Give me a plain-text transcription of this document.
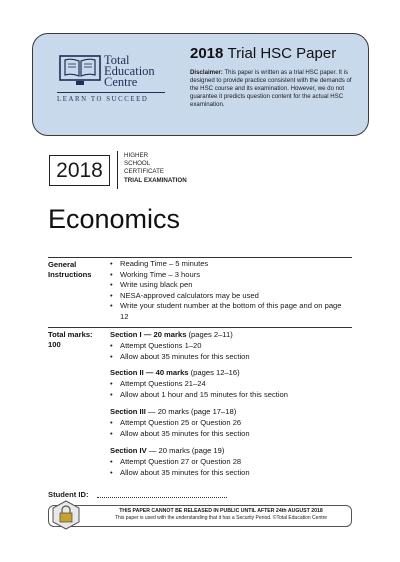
Total
Education
Centre
LEARN TO SUCCEED
2018 Trial HSC Paper
Disclaimer: This paper is written as a trial HSC paper. It is designed to provide practice consistent with the demands of the HSC course and its examination. However, we do not guarantee it predicts question content for the actual HSC examination.
2018
HIGHER
SCHOOL
CERTIFICATE
TRIAL EXAMINATION
Economics
General
Instructions
• Reading Time – 5 minutes
• Working Time – 3 hours
• Write using black pen
• NESA-approved calculators may be used
• Write your student number at the bottom of this page and on page 12
Total marks:
100
Section I — 20 marks (pages 2–11)
• Attempt Questions 1–20
• Allow about 35 minutes for this section
Section II — 40 marks (pages 12–16)
• Attempt Questions 21–24
• Allow about 1 hour and 15 minutes for this section
Section III — 20 marks (page 17–18)
• Attempt Question 25 or Question 26
• Allow about 35 minutes for this section
Section IV — 20 marks (page 19)
• Attempt Question 27 or Question 28
• Allow about 35 minutes for this section
Student ID:
THIS PAPER CANNOT BE RELEASED IN PUBLIC UNTIL AFTER 24th AUGUST 2018
This paper is used with the understanding that it has a Security Period. ©Total Education Centre
